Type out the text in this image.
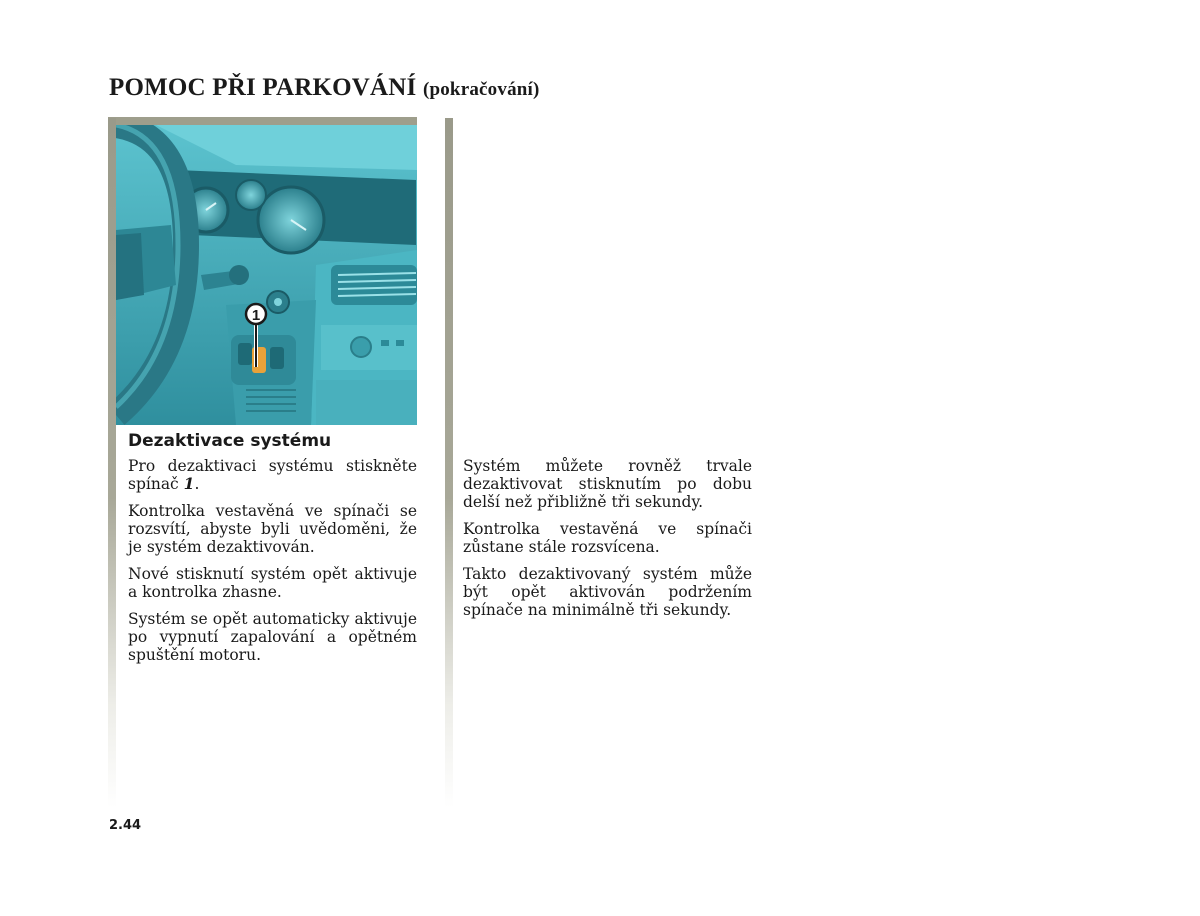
POMOC PŘI PARKOVÁNÍ (pokračování)
1
Dezaktivace systému

Pro dezaktivaci systému stiskněte spínač 1.

Kontrolka vestavěná ve spínači se rozsvítí, abyste byli uvědoměni, že je systém dezaktivován.

Nové stisknutí systém opět aktivuje a kontrolka zhasne.

Systém se opět automaticky aktivuje po vypnutí zapalování a opětném spuštění motoru.

Systém můžete rovněž trvale dezaktivovat stisknutím po dobu delší než přibližně tři sekundy.

Kontrolka vestavěná ve spínači zůstane stále rozsvícena.

Takto dezaktivovaný systém může být opět aktivován podržením spínače na minimálně tři sekundy.

2.44
